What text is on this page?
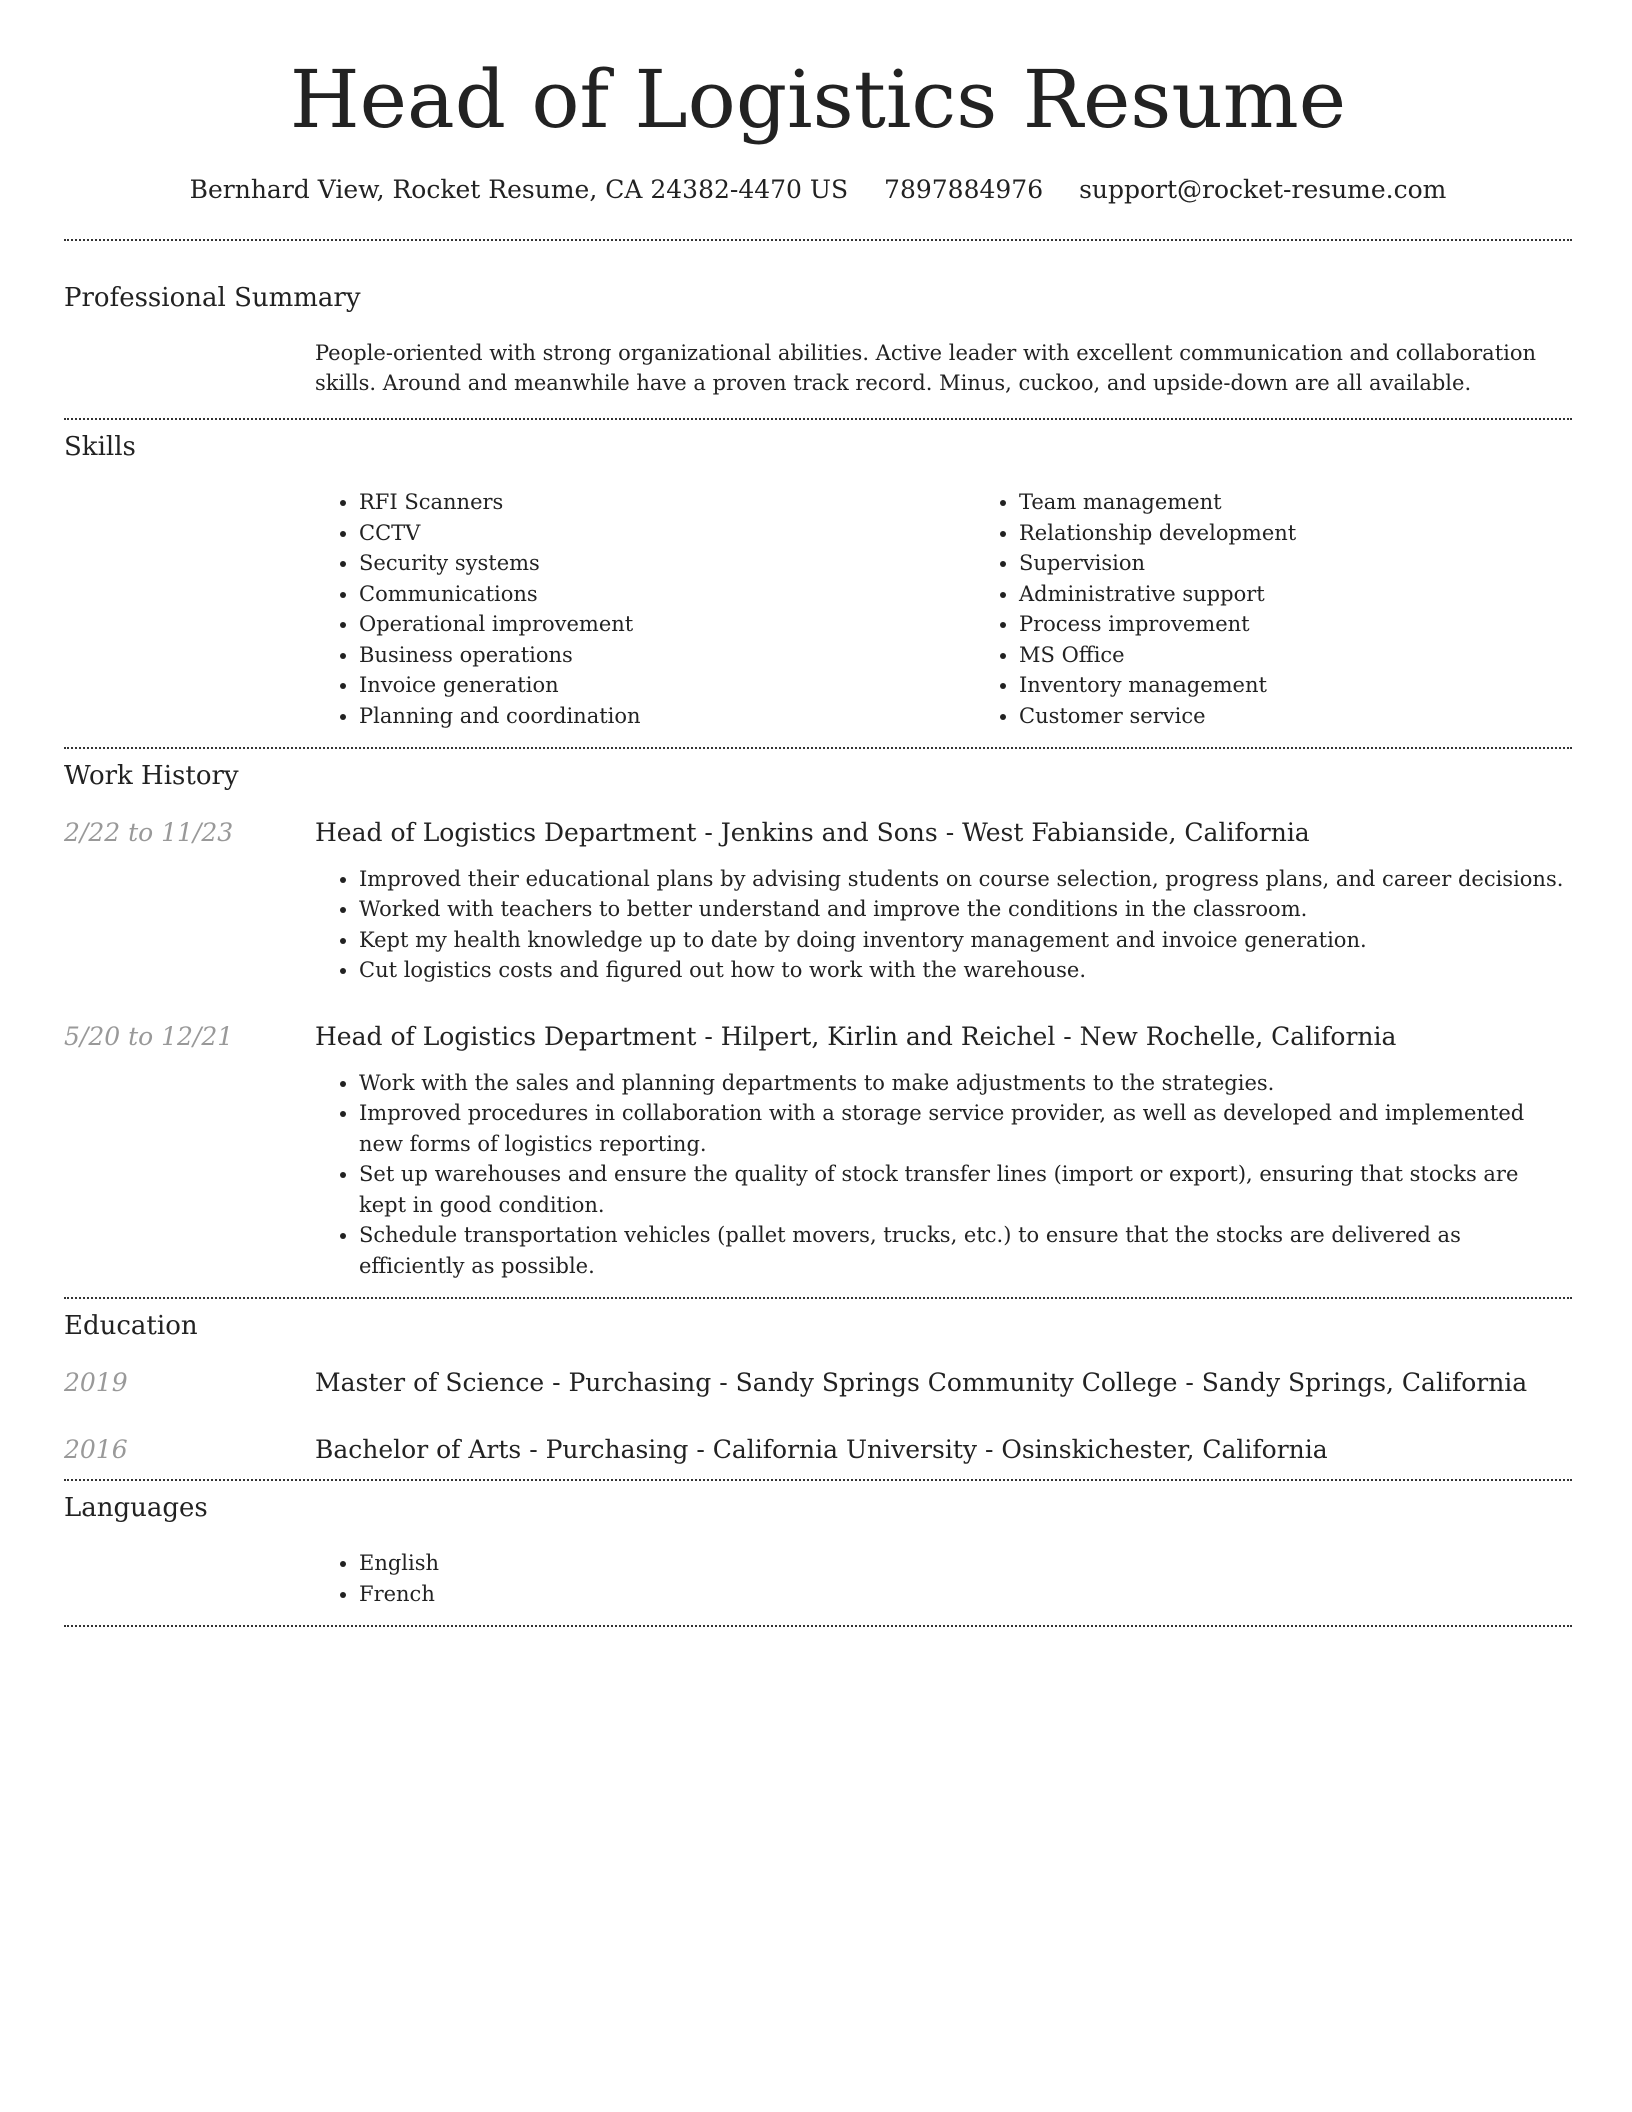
Head of Logistics Resume
Bernhard View, Rocket Resume, CA 24382-4470 US 7897884976 support@rocket-resume.com
Professional Summary

People-oriented with strong organizational abilities. Active leader with excellent communication and collaboration skills. Around and meanwhile have a proven track record. Minus, cuckoo, and upside-down are all available.

Skills
• RFI Scanners
• CCTV
• Security systems
• Communications
• Operational improvement
• Business operations
• Invoice generation
• Planning and coordination
• Team management
• Relationship development
• Supervision
• Administrative support
• Process improvement
• MS Office
• Inventory management
• Customer service
Work History
2/22 to 11/23	Head of Logistics Department - Jenkins and Sons - West Fabianside, California
• Improved their educational plans by advising students on course selection, progress plans, and career decisions.
• Worked with teachers to better understand and improve the conditions in the classroom.
• Kept my health knowledge up to date by doing inventory management and invoice generation.
• Cut logistics costs and figured out how to work with the warehouse.
5/20 to 12/21	Head of Logistics Department - Hilpert, Kirlin and Reichel - New Rochelle, California
• Work with the sales and planning departments to make adjustments to the strategies.
• Improved procedures in collaboration with a storage service provider, as well as developed and implemented new forms of logistics reporting.
• Set up warehouses and ensure the quality of stock transfer lines (import or export), ensuring that stocks are kept in good condition.
• Schedule transportation vehicles (pallet movers, trucks, etc.) to ensure that the stocks are delivered as efficiently as possible.
Education
2019	Master of Science - Purchasing - Sandy Springs Community College - Sandy Springs, California
2016	Bachelor of Arts - Purchasing - California University - Osinskichester, California
Languages
• English
• French
